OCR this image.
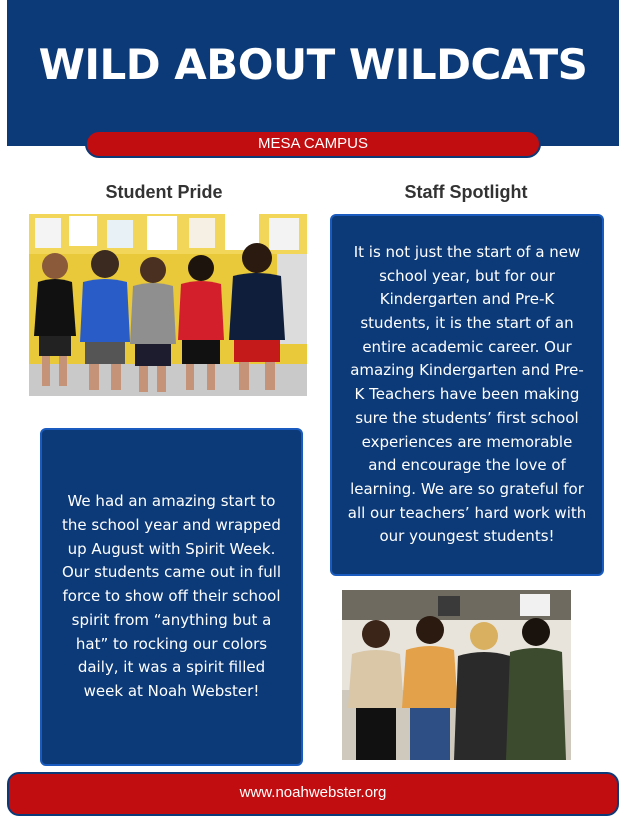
WILD ABOUT WILDCATS
MESA CAMPUS
Student Pride
We had an amazing start to the school year and wrapped up August with Spirit Week. Our students came out in full force to show off their school spirit from “anything but a hat” to rocking our colors daily, it was a spirit filled week at Noah Webster!
Staff Spotlight
It is not just the start of a new school year, but for our Kindergarten and Pre-K students, it is the start of an entire academic career. Our amazing Kindergarten and Pre-K Teachers have been making sure the students’ first school experiences are memorable and encourage the love of learning. We are so grateful for all our teachers’ hard work with our youngest students!
www.noahwebster.org
